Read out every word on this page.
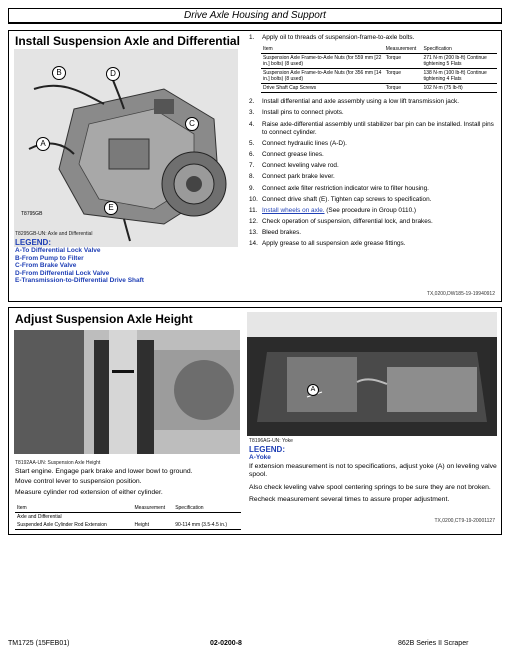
Drive Axle Housing and Support
Install Suspension Axle and Differential
B	D
C
A
E
T8795GB
T8295GB-UN: Axle and Differential
LEGEND:
A-To Differential Lock Valve
B-From Pump to Filter
C-From Brake Valve
D-From Differential Lock Valve
E-Transmission-to-Differential Drive Shaft
1.	Apply oil to threads of suspension-frame-to-axle bolts.
Item	Measurement	Specification
Suspension Axle Frame-to-Axle Nuts (for 559 mm [22 in.] bolts) (8 used)	Torque	271 N·m (200 lb-ft) Continue tightening 5 Flats
Suspension Axle Frame-to-Axle Nuts (for 356 mm [14 in.] bolts) (8 used)	Torque	138 N·m (100 lb-ft) Continue tightening 4 Flats
Drive Shaft Cap Screws	Torque	102 N·m (75 lb-ft)
2.	Install differential and axle assembly using a low lift transmission jack.
3.	Install pins to connect pivots.
4.	Raise axle-differential assembly until stabilizer bar pin can be installed. Install pins to connect cylinder.
5.	Connect hydraulic lines (A-D).
6.	Connect grease lines.
7.	Connect leveling valve rod.
8.	Connect park brake lever.
9.	Connect axle filter restriction indicator wire to filter housing.
10. Connect drive shaft (E). Tighten cap screws to specification.
11. Install wheels on axle. (See procedure in Group 0110.)
12. Check operation of suspension, differential lock, and brakes.
13. Bleed brakes.
14. Apply grease to all suspension axle grease fittings.
TX,0200,DW185-19-19940912
Adjust Suspension Axle Height
A
T8192AA-UN: Suspension Axle Height
Start engine. Engage park brake and lower bowl to ground.
Move control lever to suspension position.
Measure cylinder rod extension of either cylinder.
Item	Measurement	Specification
Axle and Differential		
Suspended Axle Cylinder Rod Extension	Height	90-114 mm (3.5-4.5 in.)
T8196AG-UN: Yoke
LEGEND:
A-Yoke
If extension measurement is not to specifications, adjust yoke (A) on leveling valve spool.
Also check leveling valve spool centering springs to be sure they are not broken.
Recheck measurement several times to assure proper adjustment.
TX,0200,CT9-19-20001127
TM1725 (15FEB01)	02-0200-8	862B Series II Scraper
